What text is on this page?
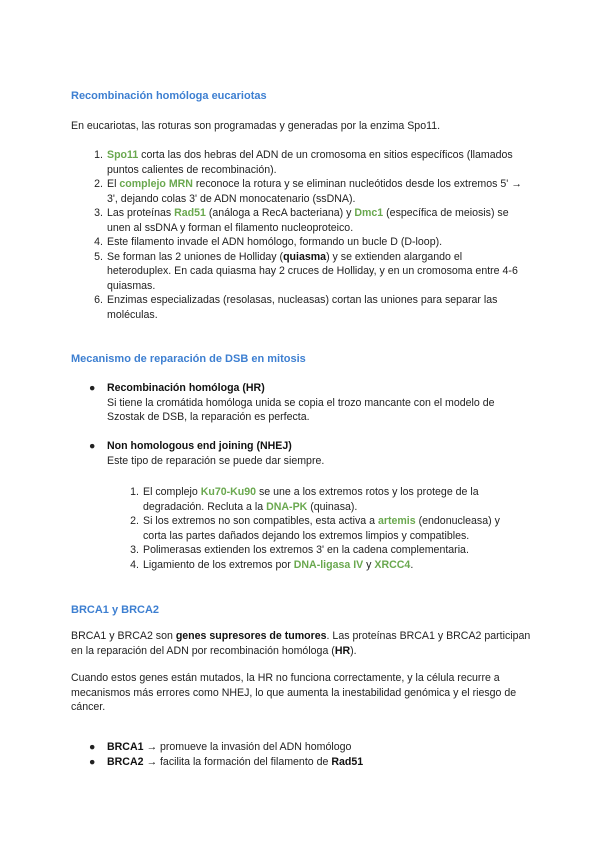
Recombinación homóloga eucariotas

En eucariotas, las roturas son programadas y generadas por la enzima Spo11.

1. Spo11 corta las dos hebras del ADN de un cromosoma en sitios específicos (llamados puntos calientes de recombinación).
2. El complejo MRN reconoce la rotura y se eliminan nucleótidos desde los extremos 5' → 3', dejando colas 3' de ADN monocatenario (ssDNA).
3. Las proteínas Rad51 (análoga a RecA bacteriana) y Dmc1 (específica de meiosis) se unen al ssDNA y forman el filamento nucleoproteico.
4. Este filamento invade el ADN homólogo, formando un bucle D (D-loop).
5. Se forman las 2 uniones de Holliday (quiasma) y se extienden alargando el heteroduplex. En cada quiasma hay 2 cruces de Holliday, y en un cromosoma entre 4-6 quiasmas.
6. Enzimas especializadas (resolasas, nucleasas) cortan las uniones para separar las moléculas.

Mecanismo de reparación de DSB en mitosis

● Recombinación homóloga (HR)
Si tiene la cromátida homóloga unida se copia el trozo mancante con el modelo de Szostak de DSB, la reparación es perfecta.
● Non homologous end joining (NHEJ)
Este tipo de reparación se puede dar siempre.
1. El complejo Ku70-Ku90 se une a los extremos rotos y los protege de la degradación. Recluta a la DNA-PK (quinasa).
2. Si los extremos no son compatibles, esta activa a artemis (endonucleasa) y corta las partes dañados dejando los extremos limpios y compatibles.
3. Polimerasas extienden los extremos 3' en la cadena complementaria.
4. Ligamiento de los extremos por DNA-ligasa IV y XRCC4.

BRCA1 y BRCA2

BRCA1 y BRCA2 son genes supresores de tumores. Las proteínas BRCA1 y BRCA2 participan en la reparación del ADN por recombinación homóloga (HR).

Cuando estos genes están mutados, la HR no funciona correctamente, y la célula recurre a mecanismos más errores como NHEJ, lo que aumenta la inestabilidad genómica y el riesgo de cáncer.

● BRCA1 → promueve la invasión del ADN homólogo
● BRCA2 → facilita la formación del filamento de Rad51
